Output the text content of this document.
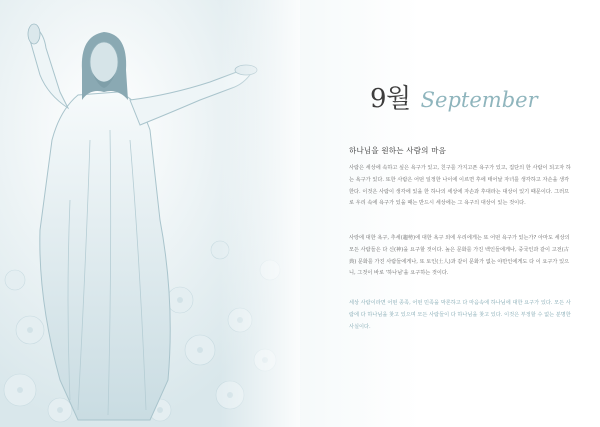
9월 September
하나님을 원하는 사람의 마음

사람은 세상에 속하고 싶은 욕구가 있고, 친구를 가지고픈 욕구가 있고, 집단의 한 사람이 되고자 하는 욕구가 있다. 또한 사람은 어떤 일정한 나이에 이르면 후에 태어날 자녀를 생각하고 자손을 생각한다. 이것은 사람이 생각에 있을 한 하나의 세상에 자손과 후대라는 대상이 있기 때문이다. 그러므로 우리 속에 욕구가 있을 때는 반드시 세상에는 그 욕구의 대상이 있는 것이다.

사랑에 대한 욕구, 추세(趨勢)에 대한 욕구 외에 우리에게는 또 어떤 욕구가 있는가? 아마도 세상의 모든 사람들은 다 신(神)을 요구할 것이다. 높은 문화를 가진 백인들에게나, 중국인과 같이 고전(古典) 문화를 가진 사람들에게나, 또 토인(土人)과 같이 문화가 없는 야만인에게도 다 이 요구가 있으니, 그것이 바로 '하나님'을 요구하는 것이다.

세상 사람이라면 어떤 종족, 어떤 민족을 막론하고 다 마음속에 하나님에 대한 요구가 있다. 모든 사람에 다 하나님을 찾고 있으며 모든 사람들이 다 하나님을 찾고 있다. 이것은 부정할 수 없는 분명한 사실이다.
